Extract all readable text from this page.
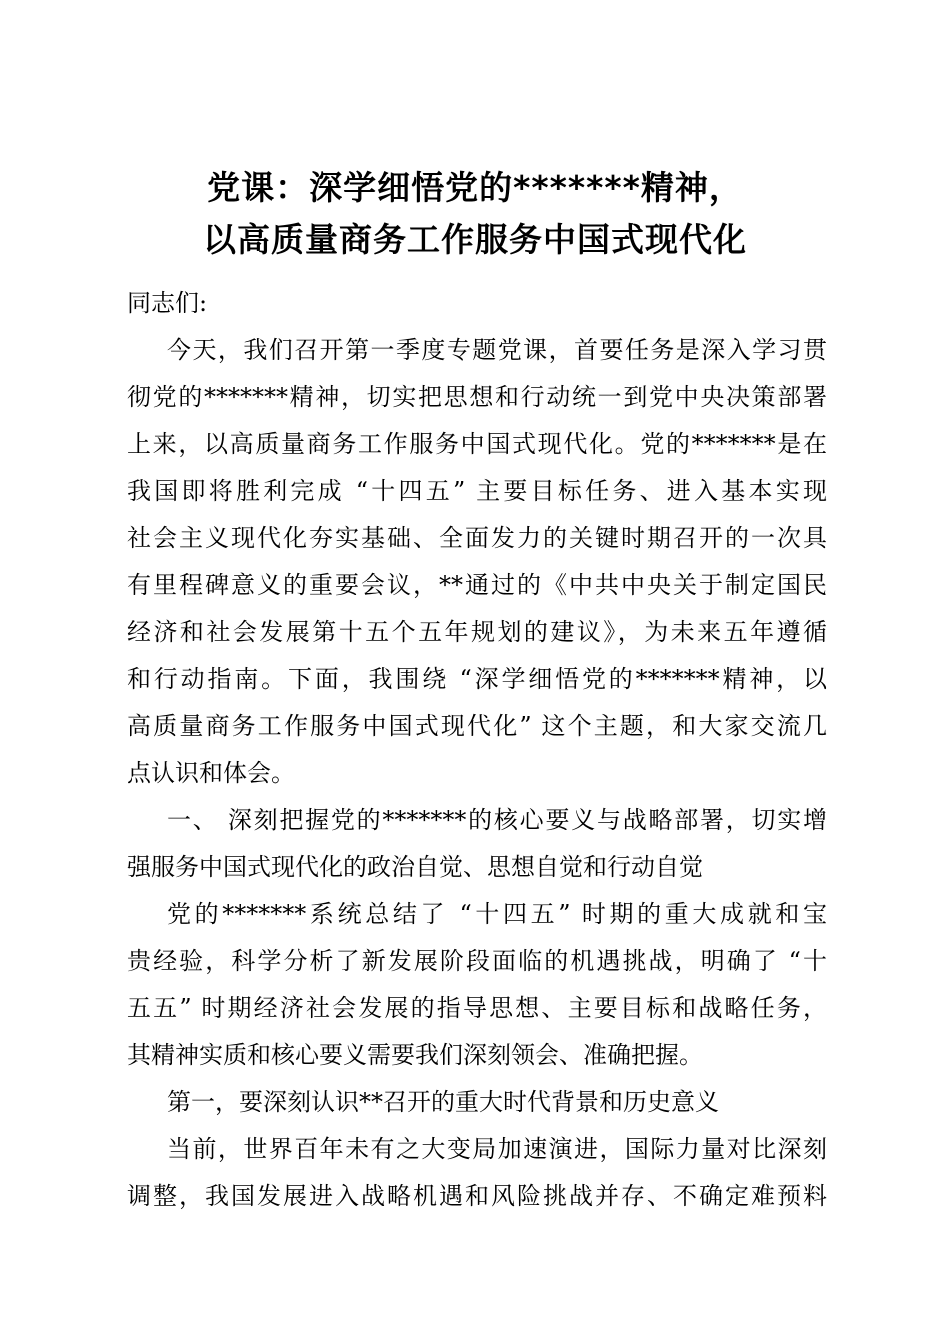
党课：深学细悟党的*******精神，
以高质量商务工作服务中国式现代化
同志们:
今天，我们召开第一季度专题党课，首要任务是深入学习贯
彻党的*******精神，切实把思想和行动统一到党中央决策部署
上来，以高质量商务工作服务中国式现代化。党的*******是在
我国即将胜利完成 “十四五” 主要目标任务、进入基本实现
社会主义现代化夯实基础、全面发力的关键时期召开的一次具
有里程碑意义的重要会议，**通过的《中共中央关于制定国民
经济和社会发展第十五个五年规划的建议》，为未来五年遵循
和行动指南。下面，我围绕 “深学细悟党的*******精神，以
高质量商务工作服务中国式现代化” 这个主题，和大家交流几
点认识和体会。
一、 深刻把握党的*******的核心要义与战略部署，切实增
强服务中国式现代化的政治自觉、思想自觉和行动自觉
党的*******系统总结了 “十四五” 时期的重大成就和宝
贵经验，科学分析了新发展阶段面临的机遇挑战，明确了 “十
五五” 时期经济社会发展的指导思想、主要目标和战略任务，
其精神实质和核心要义需要我们深刻领会、准确把握。
第一，要深刻认识**召开的重大时代背景和历史意义
当前，世界百年未有之大变局加速演进，国际力量对比深刻
调整，我国发展进入战略机遇和风险挑战并存、不确定难预料
